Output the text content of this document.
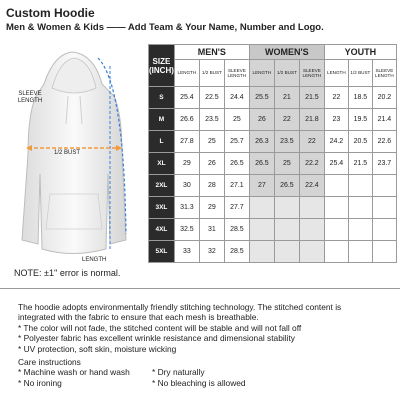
Custom Hoodie
Men & Women & Kids —— Add Team & Your Name, Number and Logo.
SLEEVE LENGTH
1/2 BUST
LENGTH
NOTE: ±1'' error is normal.
SIZE (INCH)	MEN'S			WOMEN'S			YOUTH		
	LENGTH	1/2 BUST	SLEEVE LENGTH	LENGTH	1/2 BUST	SLEEVE LENGTH	LENGTH	1/2 BUST	SLEEVE LENGTH
S	25.4	22.5	24.4	25.5	21	21.5	22	18.5	20.2
M	26.6	23.5	25	26	22	21.8	23	19.5	21.4
L	27.8	25	25.7	26.3	23.5	22	24.2	20.5	22.6
XL	29	26	26.5	26.5	25	22.2	25.4	21.5	23.7
2XL	30	28	27.1	27	26.5	22.4			
3XL	31.3	29	27.7						
4XL	32.5	31	28.5						
5XL	33	32	28.5						

The hoodie adopts environmentally friendly stitching technology. The stitched content is

integrated with the fabric to ensure that each mesh is breathable.

* The color will not fade, the stitched content will be stable and will not fall off

* Polyester fabric has excellent wrinkle resistance and dimensional stability

* UV protection, soft skin, moisture wicking

Care instructions

* Machine wash or hand wash	* Dry naturally
* No ironing	* No bleaching is allowed
